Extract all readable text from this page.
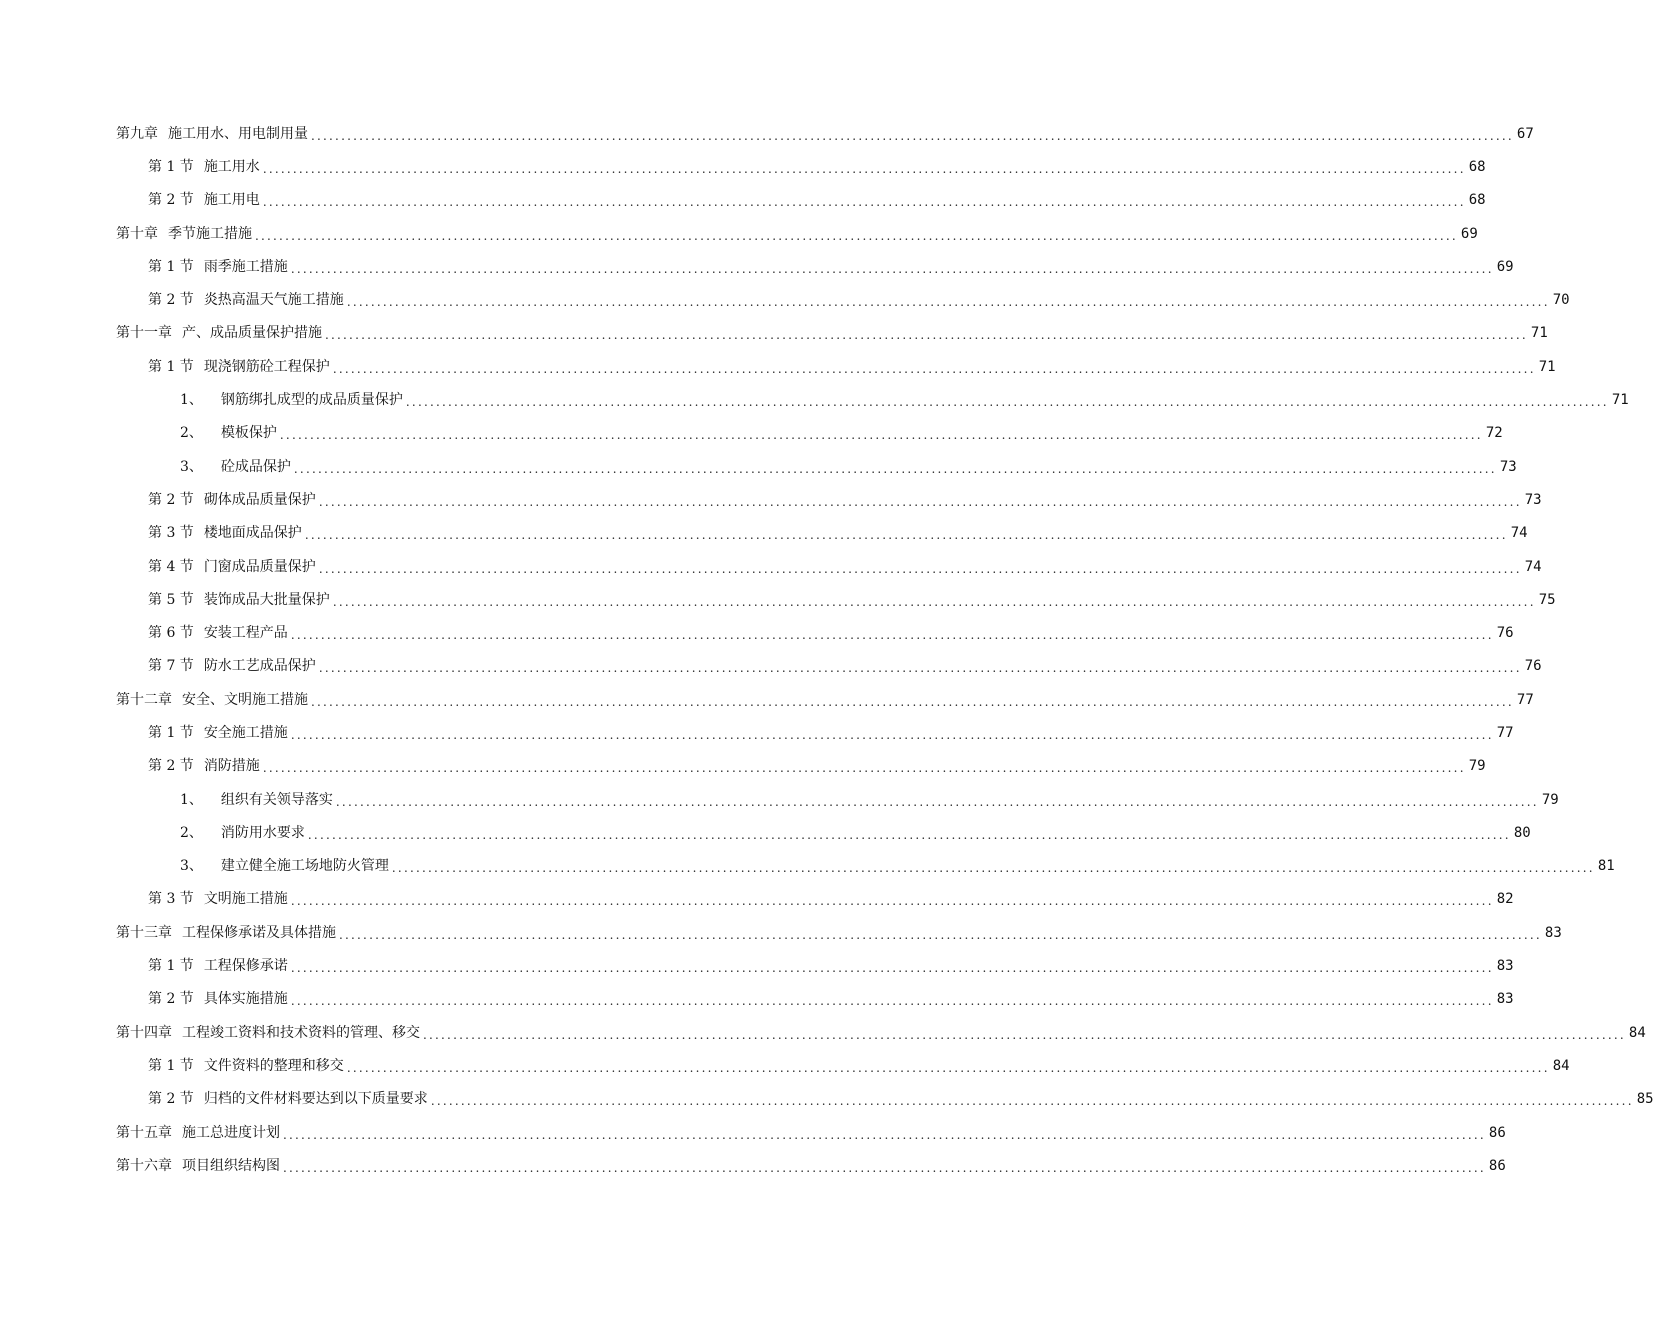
第九章 施工用水、用电制用量 ........................................................................................................................................................................................................ 67
第 1 节 施工用水 ........................................................................................................................................................................................................ 68
第 2 节 施工用电 ........................................................................................................................................................................................................ 68
第十章 季节施工措施 ........................................................................................................................................................................................................ 69
第 1 节 雨季施工措施 ........................................................................................................................................................................................................ 69
第 2 节 炎热高温天气施工措施 ........................................................................................................................................................................................................ 70
第十一章 产、成品质量保护措施 ........................................................................................................................................................................................................ 71
第 1 节 现浇钢筋砼工程保护 ........................................................................................................................................................................................................ 71
1、 钢筋绑扎成型的成品质量保护 ........................................................................................................................................................................................................ 71
2、 模板保护 ........................................................................................................................................................................................................ 72
3、 砼成品保护 ........................................................................................................................................................................................................ 73
第 2 节 砌体成品质量保护 ........................................................................................................................................................................................................ 73
第 3 节 楼地面成品保护 ........................................................................................................................................................................................................ 74
第 4 节 门窗成品质量保护 ........................................................................................................................................................................................................ 74
第 5 节 装饰成品大批量保护 ........................................................................................................................................................................................................ 75
第 6 节 安装工程产品 ........................................................................................................................................................................................................ 76
第 7 节 防水工艺成品保护 ........................................................................................................................................................................................................ 76
第十二章 安全、文明施工措施 ........................................................................................................................................................................................................ 77
第 1 节 安全施工措施 ........................................................................................................................................................................................................ 77
第 2 节 消防措施 ........................................................................................................................................................................................................ 79
1、 组织有关领导落实 ........................................................................................................................................................................................................ 79
2、 消防用水要求 ........................................................................................................................................................................................................ 80
3、 建立健全施工场地防火管理 ........................................................................................................................................................................................................ 81
第 3 节 文明施工措施 ........................................................................................................................................................................................................ 82
第十三章 工程保修承诺及具体措施 ........................................................................................................................................................................................................ 83
第 1 节 工程保修承诺 ........................................................................................................................................................................................................ 83
第 2 节 具体实施措施 ........................................................................................................................................................................................................ 83
第十四章 工程竣工资料和技术资料的管理、移交 ........................................................................................................................................................................................................ 84
第 1 节 文件资料的整理和移交 ........................................................................................................................................................................................................ 84
第 2 节 归档的文件材料要达到以下质量要求 ........................................................................................................................................................................................................ 85
第十五章 施工总进度计划 ........................................................................................................................................................................................................ 86
第十六章 项目组织结构图 ........................................................................................................................................................................................................ 86
